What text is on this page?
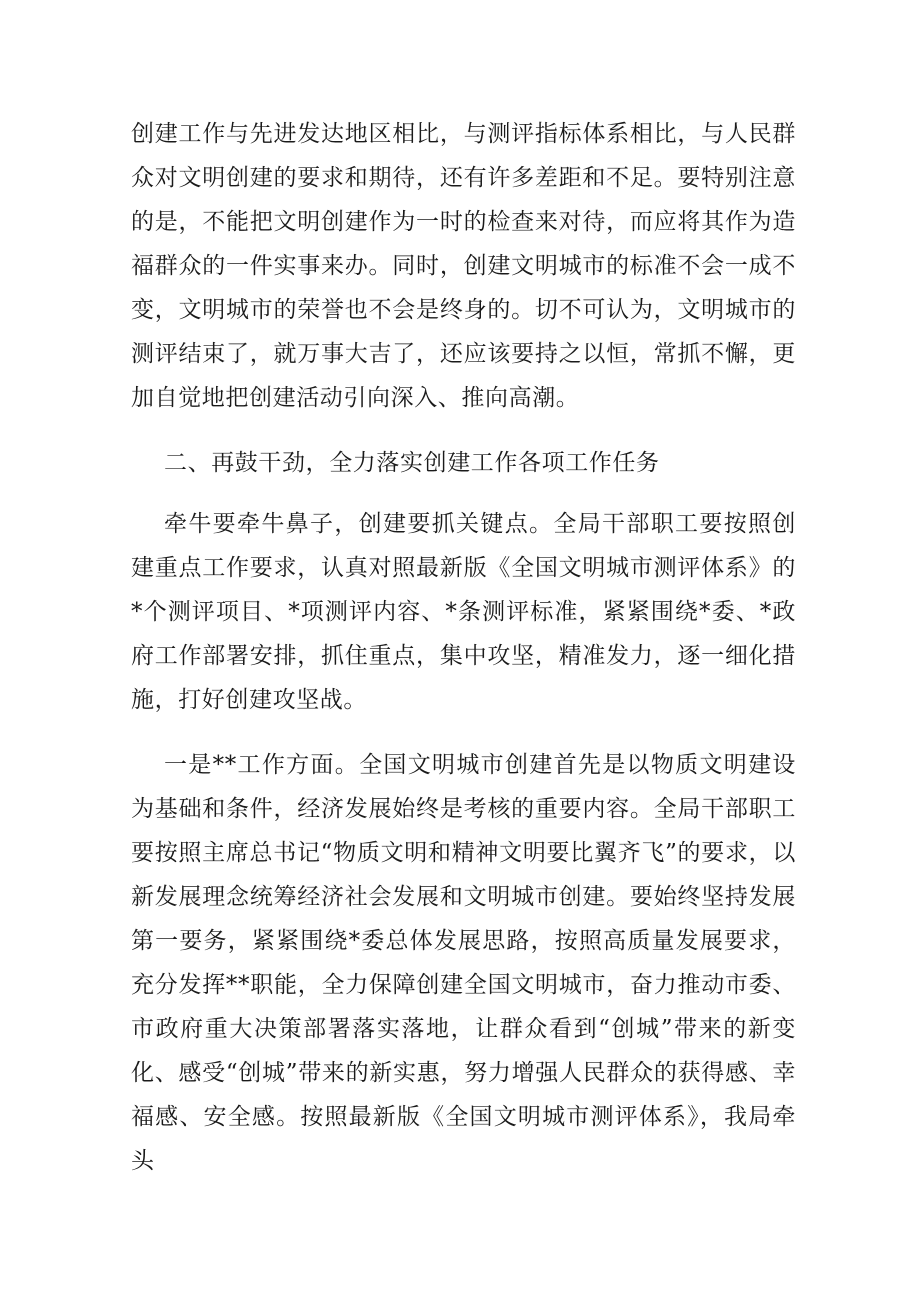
创建工作与先进发达地区相比，与测评指标体系相比，与人民群众对文明创建的要求和期待，还有许多差距和不足。要特别注意的是，不能把文明创建作为一时的检查来对待，而应将其作为造福群众的一件实事来办。同时，创建文明城市的标准不会一成不变，文明城市的荣誉也不会是终身的。切不可认为，文明城市的测评结束了，就万事大吉了，还应该要持之以恒，常抓不懈，更加自觉地把创建活动引向深入、推向高潮。

二、再鼓干劲，全力落实创建工作各项工作任务

牵牛要牵牛鼻子，创建要抓关键点。全局干部职工要按照创建重点工作要求，认真对照最新版《全国文明城市测评体系》的*个测评项目、*项测评内容、*条测评标准，紧紧围绕*委、*政府工作部署安排，抓住重点，集中攻坚，精准发力，逐一细化措施，打好创建攻坚战。

一是**工作方面。全国文明城市创建首先是以物质文明建设为基础和条件，经济发展始终是考核的重要内容。全局干部职工要按照主席总书记“物质文明和精神文明要比翼齐飞”的要求，以新发展理念统筹经济社会发展和文明城市创建。要始终坚持发展第一要务，紧紧围绕*委总体发展思路，按照高质量发展要求，充分发挥**职能，全力保障创建全国文明城市，奋力推动市委、市政府重大决策部署落实落地，让群众看到“创城”带来的新变化、感受“创城”带来的新实惠，努力增强人民群众的获得感、幸福感、安全感。按照最新版《全国文明城市测评体系》，我局牵头
